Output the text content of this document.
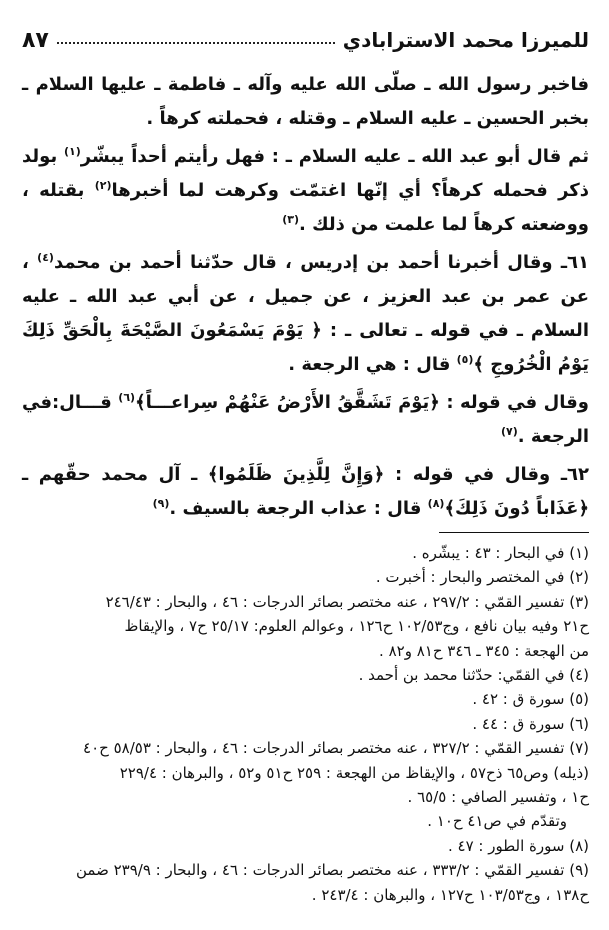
للميرزا محمد الاسترابادي
٨٧

فاخبر رسول الله ـ صلّى الله عليه وآله ـ فاطمة ـ عليها السلام ـ بخبر الحسين ـ عليه السلام ـ وقتله ، فحملته كرهاً .

ثم قال أبو عبد الله ـ عليه السلام ـ : فهل رأيتم أحداً يبشّر$^{(١)}$ بولد ذكر فحمله كرهاً؟ أي إنّها اغتمّت وكرهت لما أخبرها$^{(٢)}$ بقتله ، ووضعته كرهاً لما علمت من ذلك .$^{(٣)}$

٦١ـ وقال أخبرنا أحمد بن إدريس ، قال حدّثنا أحمد بن محمد$^{(٤)}$ ، عن عمر بن عبد العزيز ، عن جميل ، عن أبي عبد الله ـ عليه السلام ـ في قوله ـ تعالى ـ : ﴿ يَوْمَ يَسْمَعُونَ الصَّيْحَةَ بِالْحَقِّ ذَلِكَ يَوْمُ الْخُرُوجِ ﴾$^{(٥)}$ قال : هي الرجعة .

وقال في قوله : ﴿يَوْمَ تَشَقَّقُ الأَرْضُ عَنْهُمْ سِراعـــاً﴾$^{(٦)}$ قـــال:في الرجعة .$^{(٧)}$

٦٢ـ وقال في قوله : ﴿وَإِنَّ لِلَّذِينَ ظَلَمُوا﴾ ـ آل محمد حقّهم ـ ﴿عَذَاباً دُونَ ذَلِكَ﴾$^{(٨)}$ قال : عذاب الرجعة بالسيف .$^{(٩)}$

(١) في البحار : ٤٣ : يبشّره .

(٢) في المختصر والبحار : أخبرت .

(٣) تفسير القمّي : ٢٩٧/٢ ، عنه مختصر بصائر الدرجات : ٤٦ ، والبحار : ٢٤٦/٤٣

ح٢١ وفيه بيان نافع ، وج١٠٢/٥٣ ح١٢٦ ، وعوالم العلوم: ٢٥/١٧ ح٧ ، والإيقاظ

من الهجعة : ٣٤٥ ـ ٣٤٦ ح٨١ و٨٢ .

(٤) في القمّي: حدّثنا محمد بن أحمد .

(٥) سورة ق : ٤٢ .

(٦) سورة ق : ٤٤ .

(٧) تفسير القمّي : ٣٢٧/٢ ، عنه مختصر بصائر الدرجات : ٤٦ ، والبحار : ٥٨/٥٣ ح٤٠

(ذيله) وص٦٥ ذح٥٧ ، والإيقاظ من الهجعة : ٢٥٩ ح٥١ و٥٢ ، والبرهان : ٢٢٩/٤

ح١ ، وتفسير الصافي : ٦٥/٥ .

وتقدّم في ص٤١ ح١٠ .

(٨) سورة الطور : ٤٧ .

(٩) تفسير القمّي : ٣٣٣/٢ ، عنه مختصر بصائر الدرجات : ٤٦ ، والبحار : ٢٣٩/٩ ضمن

ح١٣٨ ، وج١٠٣/٥٣ ح١٢٧ ، والبرهان : ٢٤٣/٤ .
